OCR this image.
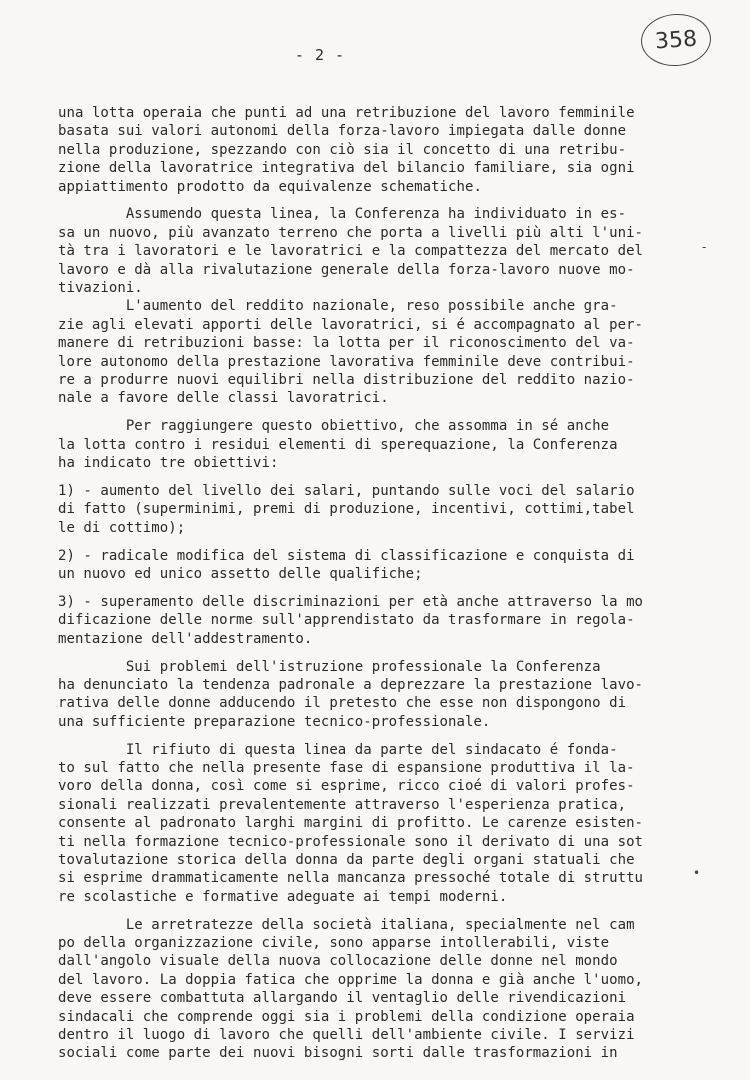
- 2 -
358
-
•
una lotta operaia che punti ad una retribuzione del lavoro femminile
basata sui valori autonomi della forza-lavoro impiegata dalle donne
nella produzione, spezzando con ciò sia il concetto di una retribu-
zione della lavoratrice integrativa del bilancio familiare, sia ogni
appiattimento prodotto da equivalenze schematiche.
Assumendo questa linea, la Conferenza ha individuato in es-
sa un nuovo, più avanzato terreno che porta a livelli più alti l'uni-
tà tra i lavoratori e le lavoratrici e la compattezza del mercato del
lavoro e dà alla rivalutazione generale della forza-lavoro nuove mo-
tivazioni.
L'aumento del reddito nazionale, reso possibile anche gra-
zie agli elevati apporti delle lavoratrici, si é accompagnato al per-
manere di retribuzioni basse: la lotta per il riconoscimento del va-
lore autonomo della prestazione lavorativa femminile deve contribui-
re a produrre nuovi equilibri nella distribuzione del reddito nazio-
nale a favore delle classi lavoratrici.
Per raggiungere questo obiettivo, che assomma in sé anche
la lotta contro i residui elementi di sperequazione, la Conferenza
ha indicato tre obiettivi:
1) - aumento del livello dei salari, puntando sulle voci del salario
di fatto (superminimi, premi di produzione, incentivi, cottimi,tabel
le di cottimo);
2) - radicale modifica del sistema di classificazione e conquista di
un nuovo ed unico assetto delle qualifiche;
3) - superamento delle discriminazioni per età anche attraverso la mo
dificazione delle norme sull'apprendistato da trasformare in regola-
mentazione dell'addestramento.
Sui problemi dell'istruzione professionale la Conferenza
ha denunciato la tendenza padronale a deprezzare la prestazione lavo-
rativa delle donne adducendo il pretesto che esse non dispongono di
una sufficiente preparazione tecnico-professionale.
Il rifiuto di questa linea da parte del sindacato é fonda-
to sul fatto che nella presente fase di espansione produttiva il la-
voro della donna, così come si esprime, ricco cioé di valori profes-
sionali realizzati prevalentemente attraverso l'esperienza pratica,
consente al padronato larghi margini di profitto. Le carenze esisten-
ti nella formazione tecnico-professionale sono il derivato di una sot
tovalutazione storica della donna da parte degli organi statuali che
si esprime drammaticamente nella mancanza pressoché totale di struttu
re scolastiche e formative adeguate ai tempi moderni.
Le arretratezze della società italiana, specialmente nel cam
po della organizzazione civile, sono apparse intollerabili, viste
dall'angolo visuale della nuova collocazione delle donne nel mondo
del lavoro. La doppia fatica che opprime la donna e già anche l'uomo,
deve essere combattuta allargando il ventaglio delle rivendicazioni
sindacali che comprende oggi sia i problemi della condizione operaia
dentro il luogo di lavoro che quelli dell'ambiente civile. I servizi
sociali come parte dei nuovi bisogni sorti dalle trasformazioni in
